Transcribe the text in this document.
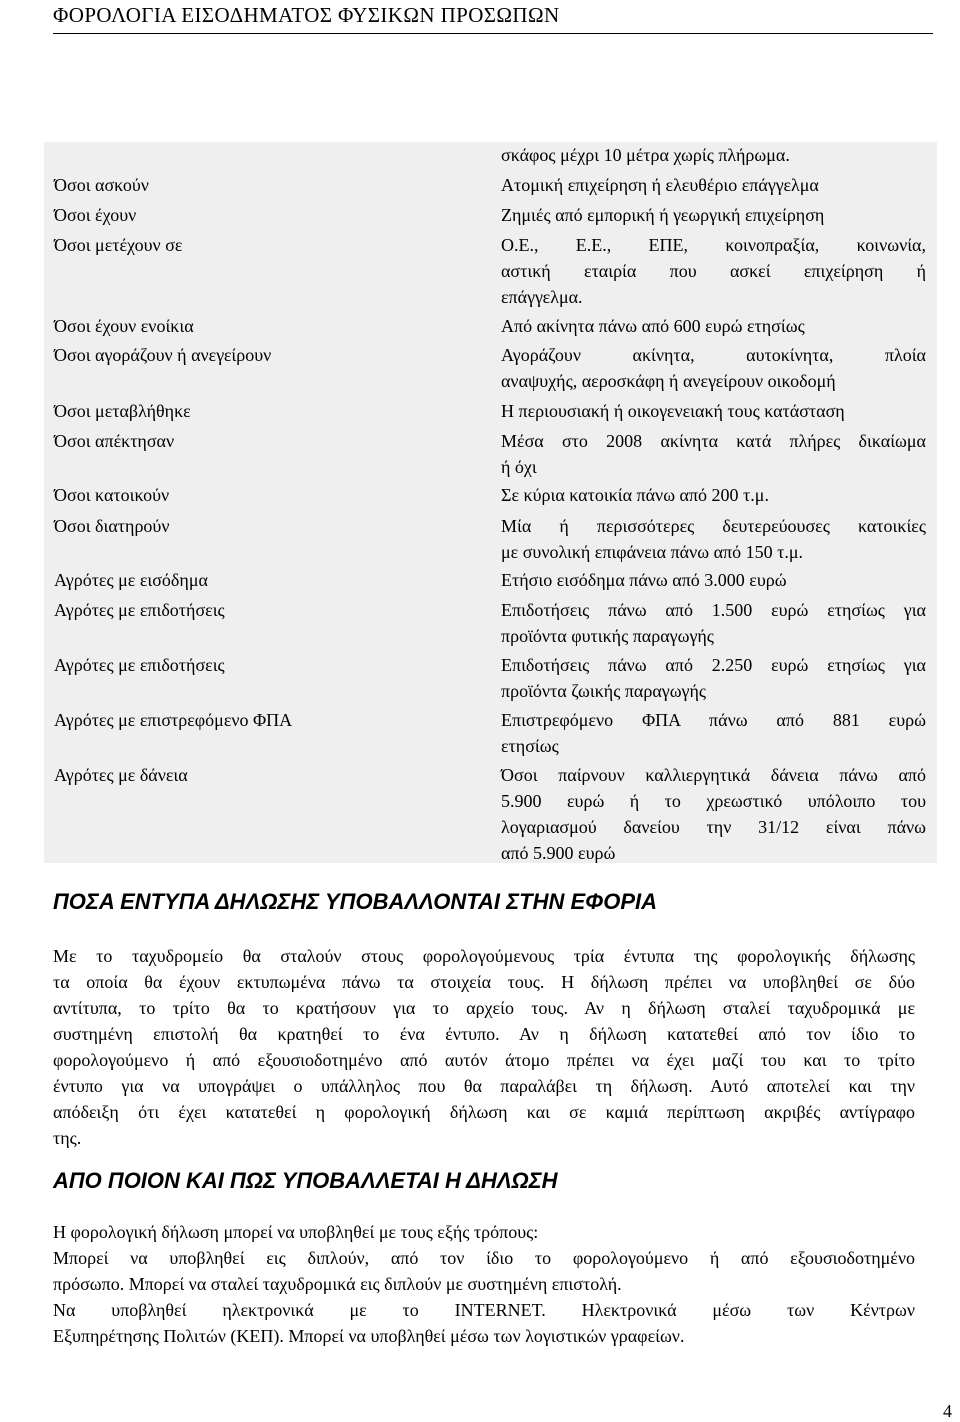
ΦΟΡΟΛΟΓΙΑ ΕΙΣΟΔΗΜΑΤΟΣ ΦΥΣΙΚΩΝ ΠΡΟΣΩΠΩΝ
σκάφος μέχρι 10 μέτρα χωρίς πλήρωμα.
Όσοι ασκούν	Ατομική επιχείρηση ή ελευθέριο επάγγελμα
Όσοι έχουν	Ζημιές από εμπορική ή γεωργική επιχείρηση
Όσοι μετέχουν σε	Ο.Ε., Ε.Ε., ΕΠΕ, κοινοπραξία, κοινωνία,
αστική εταιρία που ασκεί επιχείρηση ή
επάγγελμα.
Όσοι έχουν ενοίκια	Από ακίνητα πάνω από 600 ευρώ ετησίως
Όσοι αγοράζουν ή ανεγείρουν	Αγοράζουν ακίνητα, αυτοκίνητα, πλοία
αναψυχής, αεροσκάφη ή ανεγείρουν οικοδομή
Όσοι μεταβλήθηκε	Η περιουσιακή ή οικογενειακή τους κατάσταση
Όσοι απέκτησαν	Μέσα στο 2008 ακίνητα κατά πλήρες δικαίωμα
ή όχι
Όσοι κατοικούν	Σε κύρια κατοικία πάνω από 200 τ.μ.
Όσοι διατηρούν	Μία ή περισσότερες δευτερεύουσες κατοικίες
με συνολική επιφάνεια πάνω από 150 τ.μ.
Αγρότες με εισόδημα	Ετήσιο εισόδημα πάνω από 3.000 ευρώ
Αγρότες με επιδοτήσεις	Επιδοτήσεις πάνω από 1.500 ευρώ ετησίως για
προϊόντα φυτικής παραγωγής
Αγρότες με επιδοτήσεις	Επιδοτήσεις πάνω από 2.250 ευρώ ετησίως για
προϊόντα ζωικής παραγωγής
Αγρότες με επιστρεφόμενο ΦΠΑ	Επιστρεφόμενο ΦΠΑ πάνω από 881 ευρώ
ετησίως
Αγρότες με δάνεια	Όσοι παίρνουν καλλιεργητικά δάνεια πάνω από
5.900 ευρώ ή το χρεωστικό υπόλοιπο του
λογαριασμού δανείου την 31/12 είναι πάνω
από 5.900 ευρώ
ΠΟΣΑ ΕΝΤΥΠΑ ΔΗΛΩΣΗΣ ΥΠΟΒΑΛΛΟΝΤΑΙ ΣΤΗΝ ΕΦΟΡΙΑ
Με το ταχυδρομείο θα σταλούν στους φορολογούμενους τρία έντυπα της φορολογικής δήλωσης
τα οποία θα έχουν εκτυπωμένα πάνω τα στοιχεία τους. Η δήλωση πρέπει να υποβληθεί σε δύο
αντίτυπα, το τρίτο θα το κρατήσουν για το αρχείο τους. Αν η δήλωση σταλεί ταχυδρομικά με
συστημένη επιστολή θα κρατηθεί το ένα έντυπο. Αν η δήλωση κατατεθεί από τον ίδιο το
φορολογούμενο ή από εξουσιοδοτημένο από αυτόν άτομο πρέπει να έχει μαζί του και το τρίτο
έντυπο για να υπογράψει ο υπάλληλος που θα παραλάβει τη δήλωση. Αυτό αποτελεί και την
απόδειξη ότι έχει κατατεθεί η φορολογική δήλωση και σε καμιά περίπτωση ακριβές αντίγραφο
της.
ΑΠΟ ΠΟΙΟΝ ΚΑΙ ΠΩΣ ΥΠΟΒΑΛΛΕΤΑΙ Η ΔΗΛΩΣΗ
Η φορολογική δήλωση μπορεί να υποβληθεί με τους εξής τρόπους:
Μπορεί να υποβληθεί εις διπλούν, από τον ίδιο το φορολογούμενο ή από εξουσιοδοτημένο
πρόσωπο. Μπορεί να σταλεί ταχυδρομικά εις διπλούν με συστημένη επιστολή.
Να υποβληθεί ηλεκτρονικά με το INTERNET. Ηλεκτρονικά μέσω των Κέντρων
Εξυπηρέτησης Πολιτών (ΚΕΠ). Μπορεί να υποβληθεί μέσω των λογιστικών γραφείων.
4
